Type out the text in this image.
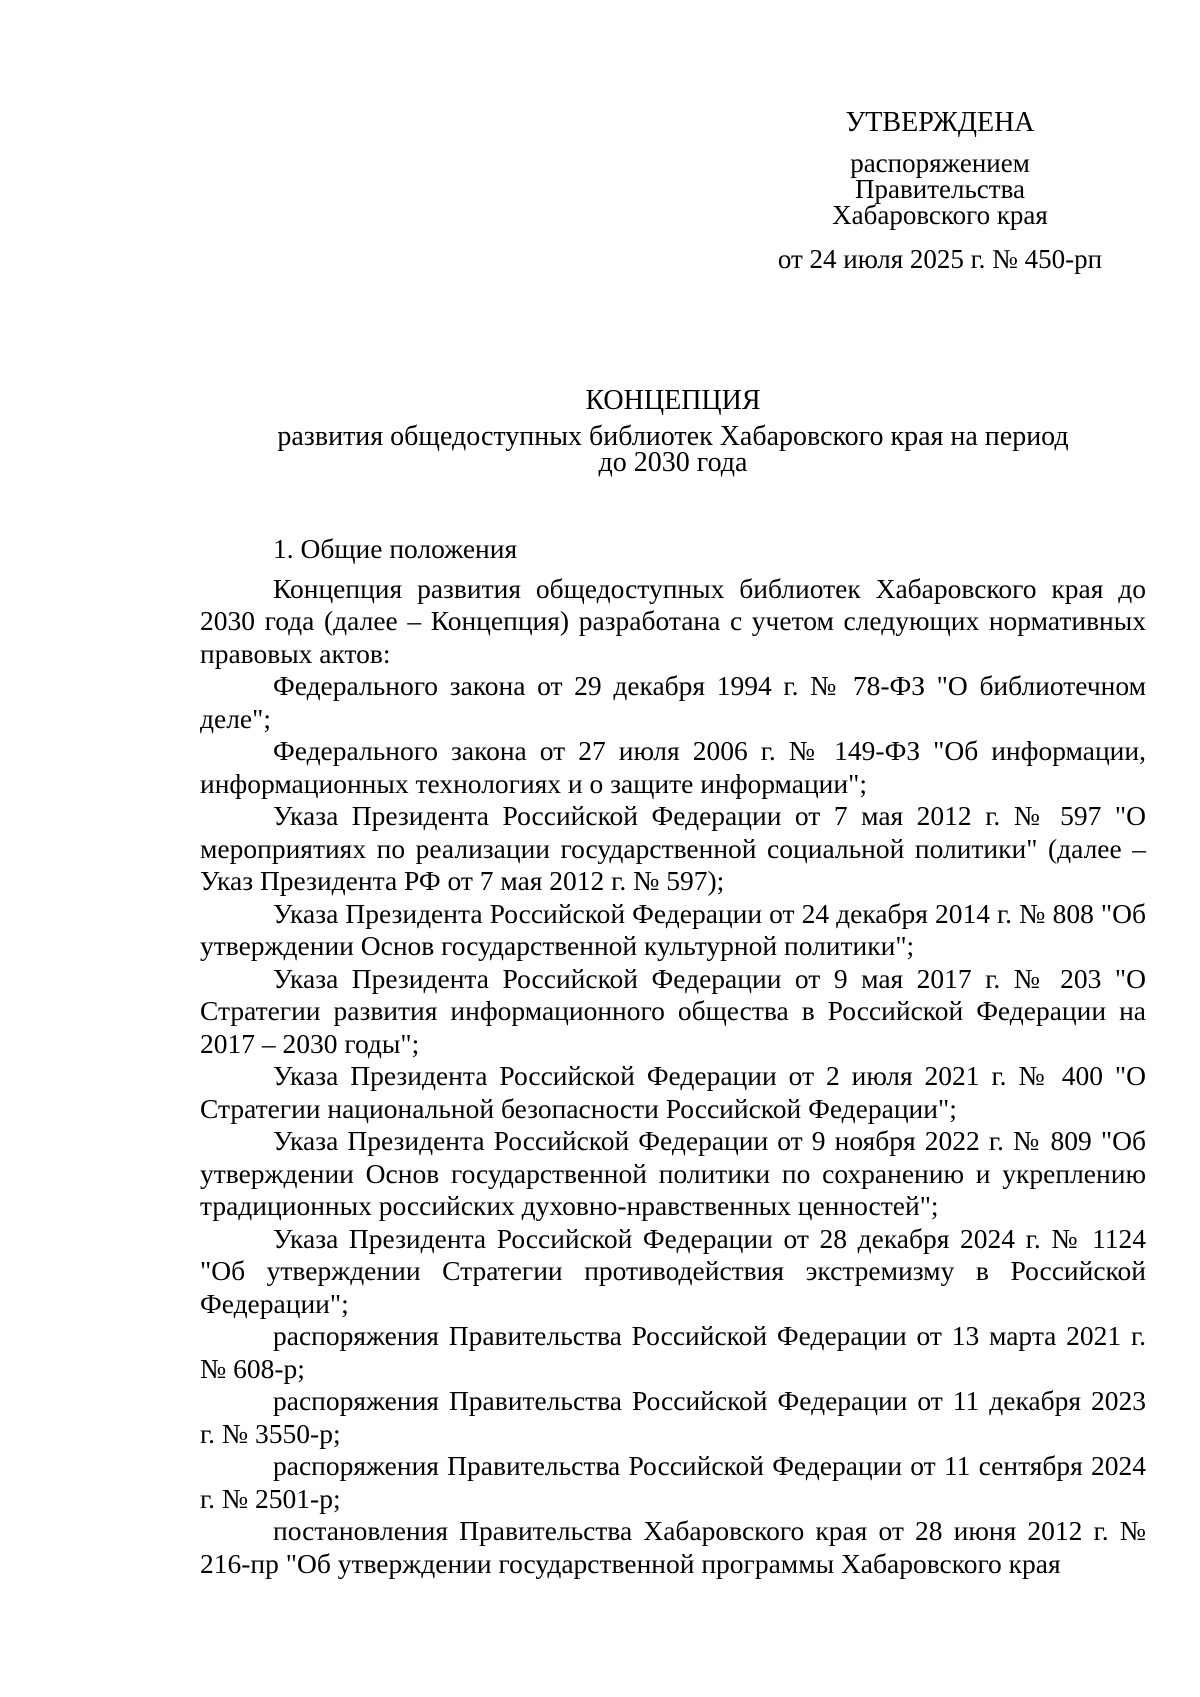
УТВЕРЖДЕНА
распоряжением
Правительства
Хабаровского края
от 24 июля 2025 г. № 450-рп
КОНЦЕПЦИЯ
развития общедоступных библиотек Хабаровского края на период
до 2030 года
1. Общие положения

Концепция развития общедоступных библиотек Хабаровского края до 2030 года (далее – Концепция) разработана с учетом следующих нормативных правовых актов:

Федерального закона от 29 декабря 1994 г. № 78-ФЗ "О библиотечном деле";

Федерального закона от 27 июля 2006 г. № 149-ФЗ "Об информации, информационных технологиях и о защите информации";

Указа Президента Российской Федерации от 7 мая 2012 г. № 597 "О мероприятиях по реализации государственной социальной политики" (далее – Указ Президента РФ от 7 мая 2012 г. № 597);

Указа Президента Российской Федерации от 24 декабря 2014 г. № 808 "Об утверждении Основ государственной культурной политики";

Указа Президента Российской Федерации от 9 мая 2017 г. № 203 "О Стратегии развития информационного общества в Российской Федерации на 2017 – 2030 годы";

Указа Президента Российской Федерации от 2 июля 2021 г. № 400 "О Стратегии национальной безопасности Российской Федерации";

Указа Президента Российской Федерации от 9 ноября 2022 г. № 809 "Об утверждении Основ государственной политики по сохранению и укреплению традиционных российских духовно-нравственных ценностей";

Указа Президента Российской Федерации от 28 декабря 2024 г. № 1124 "Об утверждении Стратегии противодействия экстремизму в Российской Федерации";

распоряжения Правительства Российской Федерации от 13 марта 2021 г. № 608-р;

распоряжения Правительства Российской Федерации от 11 декабря 2023 г. № 3550-р;

распоряжения Правительства Российской Федерации от 11 сентября 2024 г. № 2501-р;

постановления Правительства Хабаровского края от 28 июня 2012 г. № 216-пр "Об утверждении государственной программы Хабаровского края
